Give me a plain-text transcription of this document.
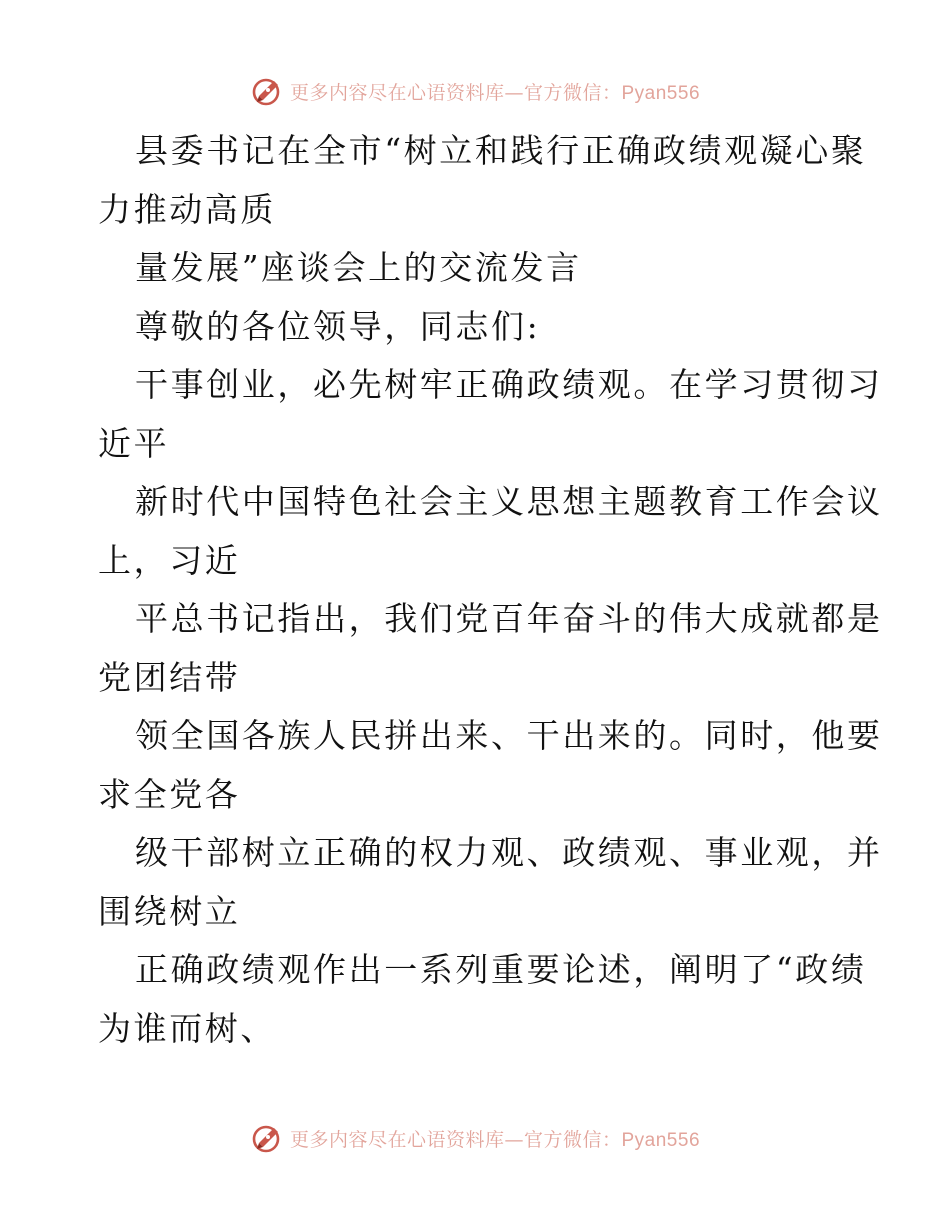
更多内容尽在心语资料库—官方微信：Pyan556
县委书记在全市“树立和践行正确政绩观凝心聚
力推动高质
量发展”座谈会上的交流发言
尊敬的各位领导，同志们:
干事创业，必先树牢正确政绩观。在学习贯彻习
近平
新时代中国特色社会主义思想主题教育工作会议
上，习近
平总书记指出，我们党百年奋斗的伟大成就都是
党团结带
领全国各族人民拼出来、干出来的。同时，他要
求全党各
级干部树立正确的权力观、政绩观、事业观，并
围绕树立
正确政绩观作出一系列重要论述，阐明了“政绩
为谁而树、
更多内容尽在心语资料库—官方微信：Pyan556
